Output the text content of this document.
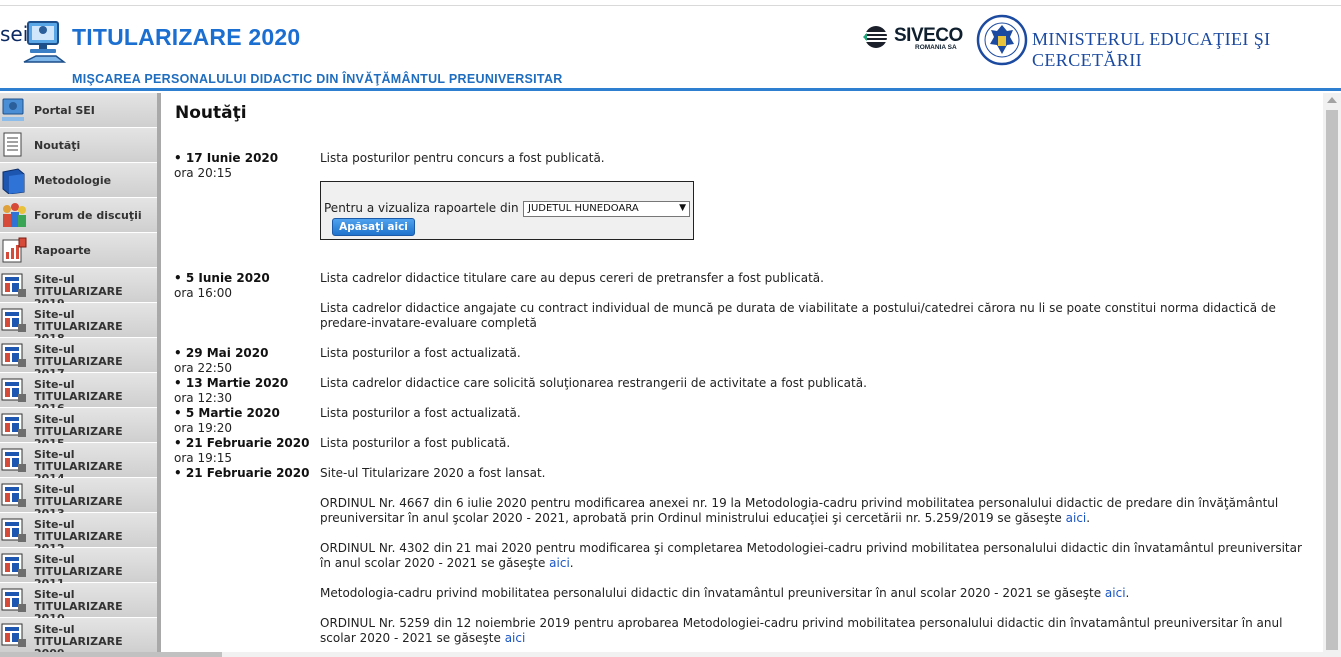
sei TITULARIZARE 2020
MIŞCAREA PERSONALULUI DIDACTIC DIN ÎNVĂŢĂMÂNTUL PREUNIVERSITAR
SIVECO
ROMANIA SA	MINISTERUL EDUCAŢIEI ŞI CERCETĂRII
Portal SEI
Noutăţi
Metodologie
Forum de discuţii
Rapoarte
Site-ul
TITULARIZARE
Site-ul
TITULARIZARE
Site-ul
TITULARIZARE
Site-ul
TITULARIZARE
Site-ul
TITULARIZARE
Site-ul
TITULARIZARE
Site-ul
TITULARIZARE
Site-ul
TITULARIZARE
Site-ul
TITULARIZARE
Site-ul
TITULARIZARE
Site-ul
TITULARIZARE
Noutăţi
• 17 Iunie 2020
ora 20:15

Lista posturilor pentru concurs a fost publicată.

Pentru a vizualiza rapoartele din JUDETUL HUNEDOARA	▼
Apăsaţi aici
• 5 Iunie 2020
ora 16:00

Lista cadrelor didactice titulare care au depus cereri de pretransfer a fost publicată.

Lista cadrelor didactice angajate cu contract individual de muncă pe durata de viabilitate a postului/catedrei cărora nu li se poate constitui norma didactică de predare-invatare-evaluare completă

• 29 Mai 2020
ora 22:50

Lista posturilor a fost actualizată.

• 13 Martie 2020
ora 12:30

Lista cadrelor didactice care solicită soluţionarea restrangerii de activitate a fost publicată.

• 5 Martie 2020
ora 19:20

Lista posturilor a fost actualizată.

• 21 Februarie 2020
ora 19:15

Lista posturilor a fost publicată.

• 21 Februarie 2020 Site-ul Titularizare 2020 a fost lansat.

ORDINUL Nr. 4667 din 6 iulie 2020 pentru modificarea anexei nr. 19 la Metodologia-cadru privind mobilitatea personalului didactic de predare din învăţământul preuniversitar în anul şcolar 2020 - 2021, aprobată prin Ordinul ministrului educaţiei şi cercetării nr. 5.259/2019 se găseşte aici.

ORDINUL Nr. 4302 din 21 mai 2020 pentru modificarea şi completarea Metodologiei-cadru privind mobilitatea personalului didactic din învatamântul preuniversitar în anul scolar 2020 - 2021 se găseşte aici.

Metodologia-cadru privind mobilitatea personalului didactic din învatamântul preuniversitar în anul scolar 2020 - 2021 se găseşte aici.

ORDINUL Nr. 5259 din 12 noiembrie 2019 pentru aprobarea Metodologiei-cadru privind mobilitatea personalului didactic din învatamântul preuniversitar în anul scolar 2020 - 2021 se găseşte aici
